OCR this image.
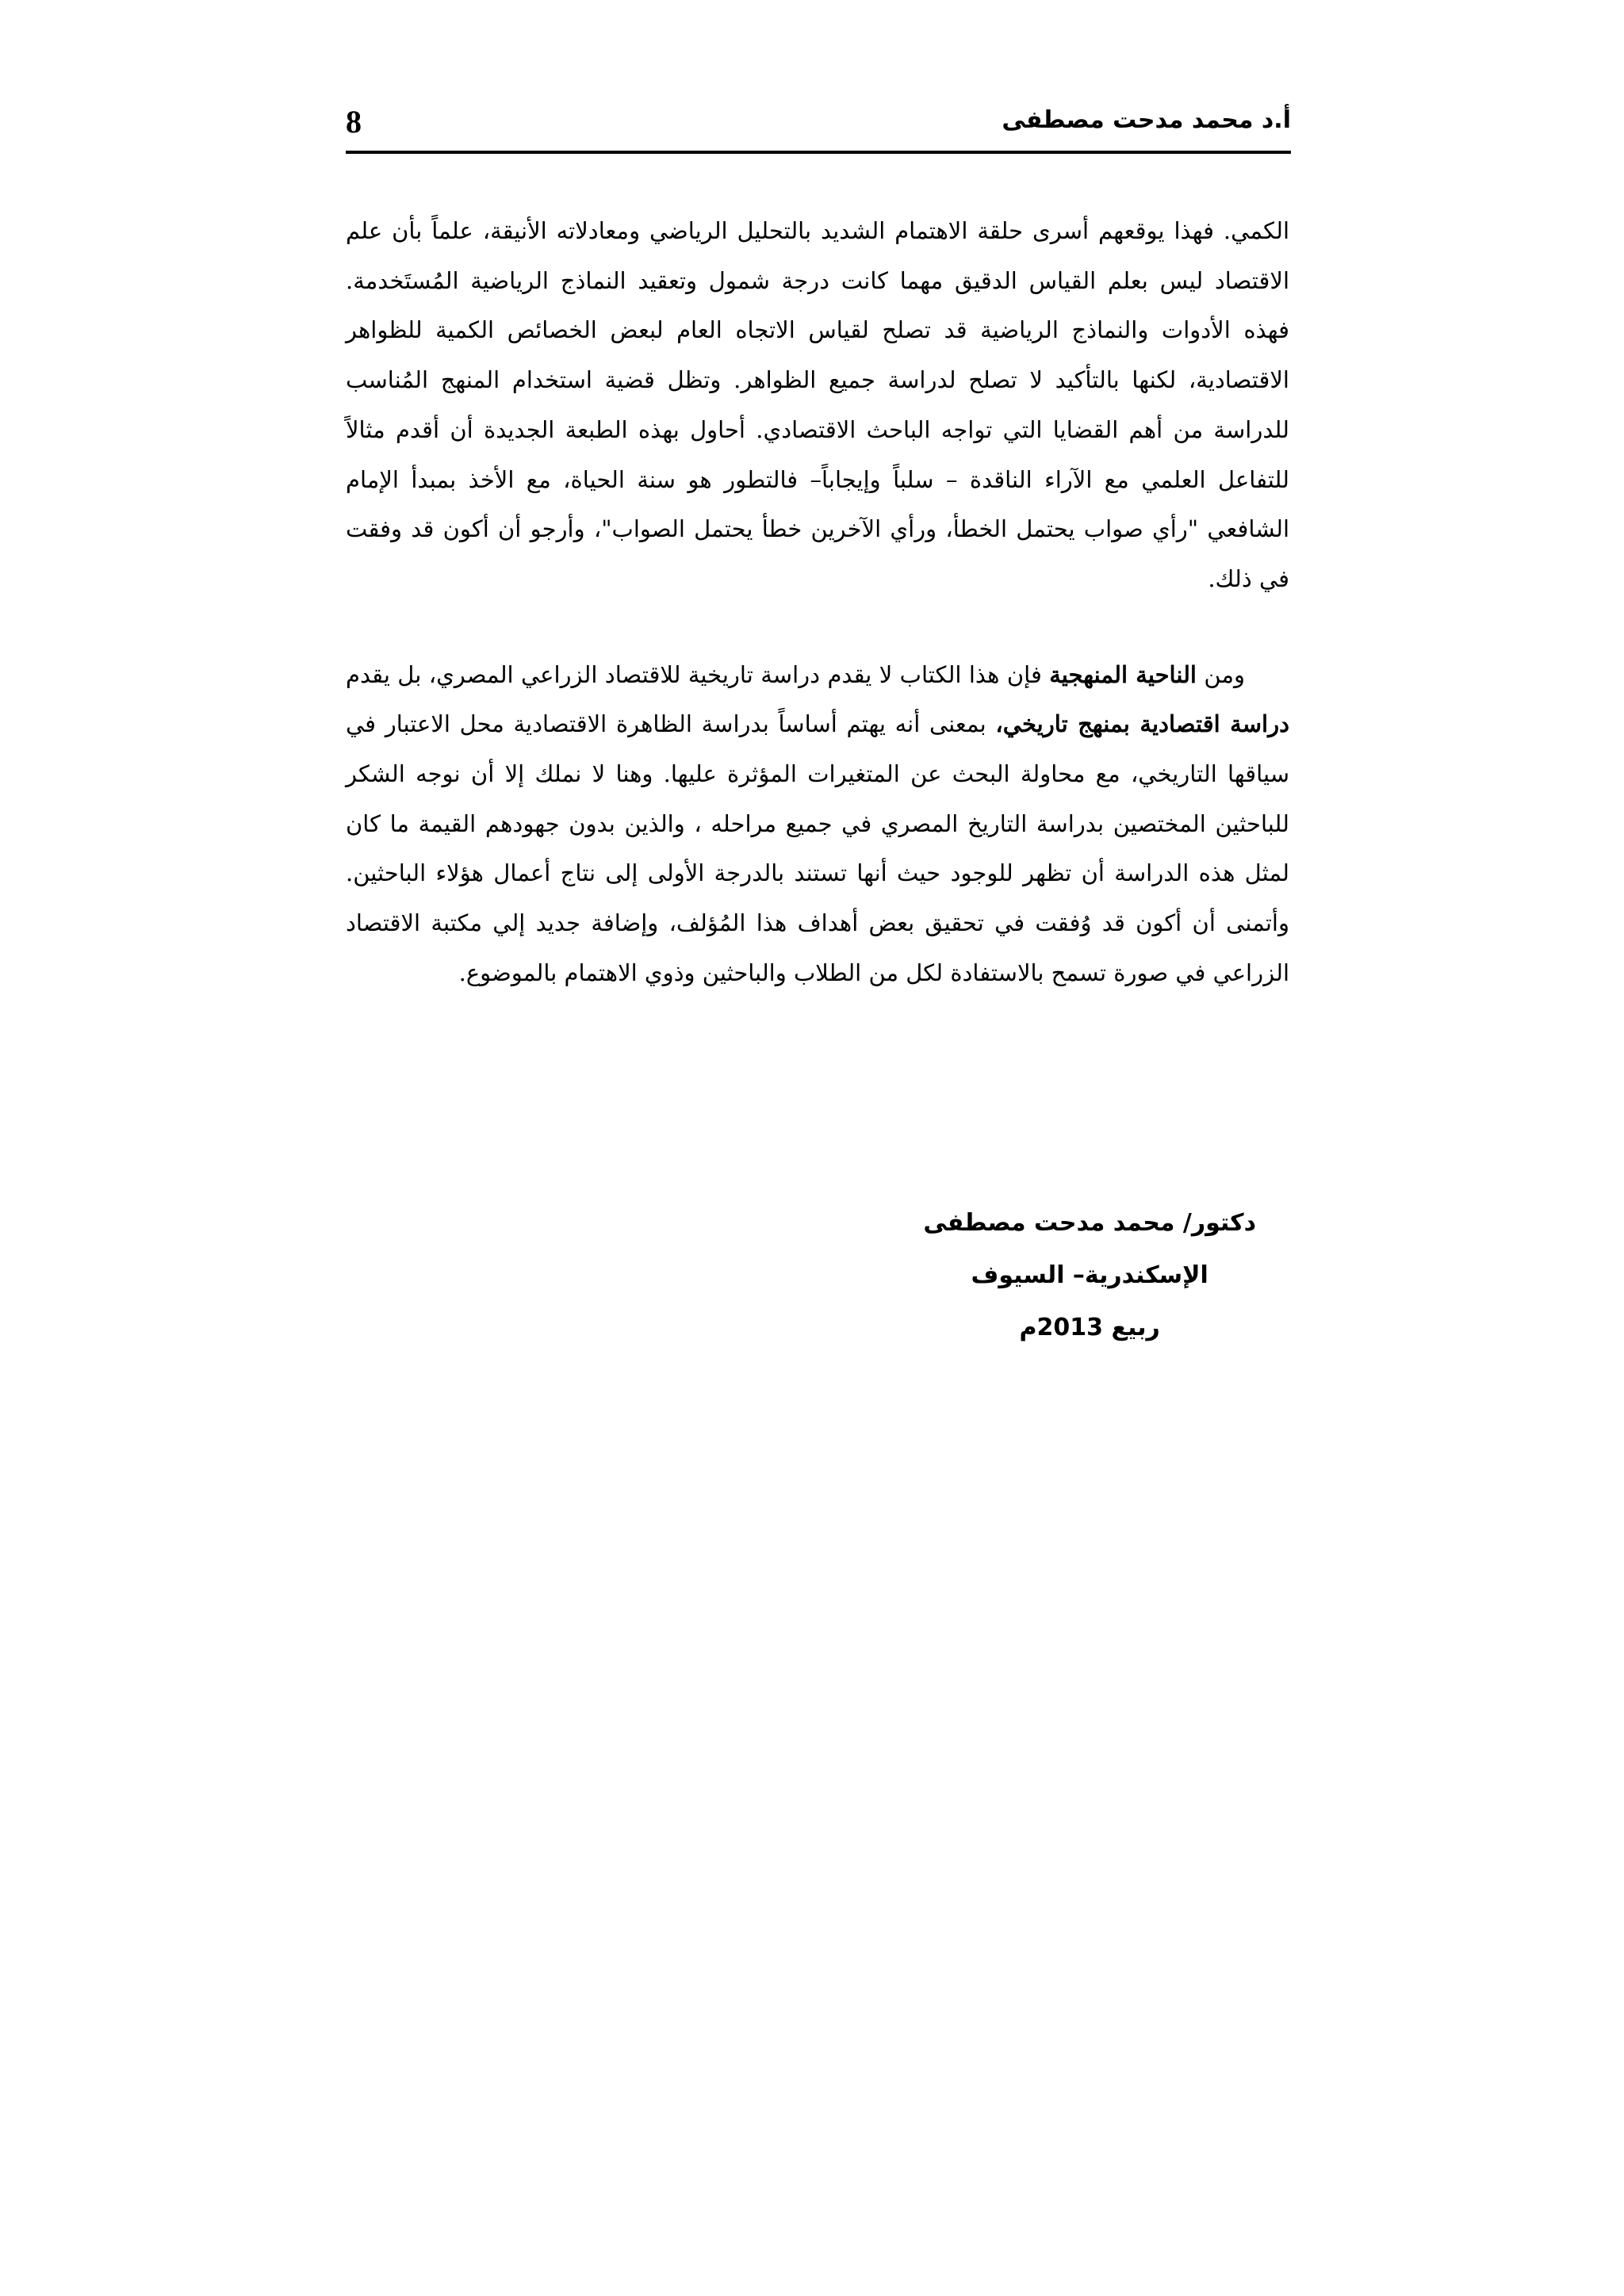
8	أ.د محمد مدحت مصطفى

الكمي. فهذا يوقعهم أسرى حلقة الاهتمام الشديد بالتحليل الرياضي ومعادلاته الأنيقة، علماً بأن علم الاقتصاد ليس بعلم القياس الدقيق مهما كانت درجة شمول وتعقيد النماذج الرياضية المُستَخدمة. فهذه الأدوات والنماذج الرياضية قد تصلح لقياس الاتجاه العام لبعض الخصائص الكمية للظواهر الاقتصادية، لكنها بالتأكيد لا تصلح لدراسة جميع الظواهر. وتظل قضية استخدام المنهج المُناسب للدراسة من أهم القضايا التي تواجه الباحث الاقتصادي. أحاول بهذه الطبعة الجديدة أن أقدم مثالاً للتفاعل العلمي مع الآراء الناقدة – سلباً وإيجاباً– فالتطور هو سنة الحياة، مع الأخذ بمبدأ الإمام الشافعي "رأي صواب يحتمل الخطأ، ورأي الآخرين خطأ يحتمل الصواب"، وأرجو أن أكون قد وفقت في ذلك.

ومن الناحية المنهجية فإن هذا الكتاب لا يقدم دراسة تاريخية للاقتصاد الزراعي المصري، بل يقدم دراسة اقتصادية بمنهج تاريخي، بمعنى أنه يهتم أساساً بدراسة الظاهرة الاقتصادية محل الاعتبار في سياقها التاريخي، مع محاولة البحث عن المتغيرات المؤثرة عليها. وهنا لا نملك إلا أن نوجه الشكر للباحثين المختصين بدراسة التاريخ المصري في جميع مراحله ، والذين بدون جهودهم القيمة ما كان لمثل هذه الدراسة أن تظهر للوجود حيث أنها تستند بالدرجة الأولى إلى نتاج أعمال هؤلاء الباحثين. وأتمنى أن أكون قد وُفقت في تحقيق بعض أهداف هذا المُؤلف، وإضافة جديد إلي مكتبة الاقتصاد الزراعي في صورة تسمح بالاستفادة لكل من الطلاب والباحثين وذوي الاهتمام بالموضوع.

دكتور/ محمد مدحت مصطفى
الإسكندرية– السيوف
ربيع 2013م
